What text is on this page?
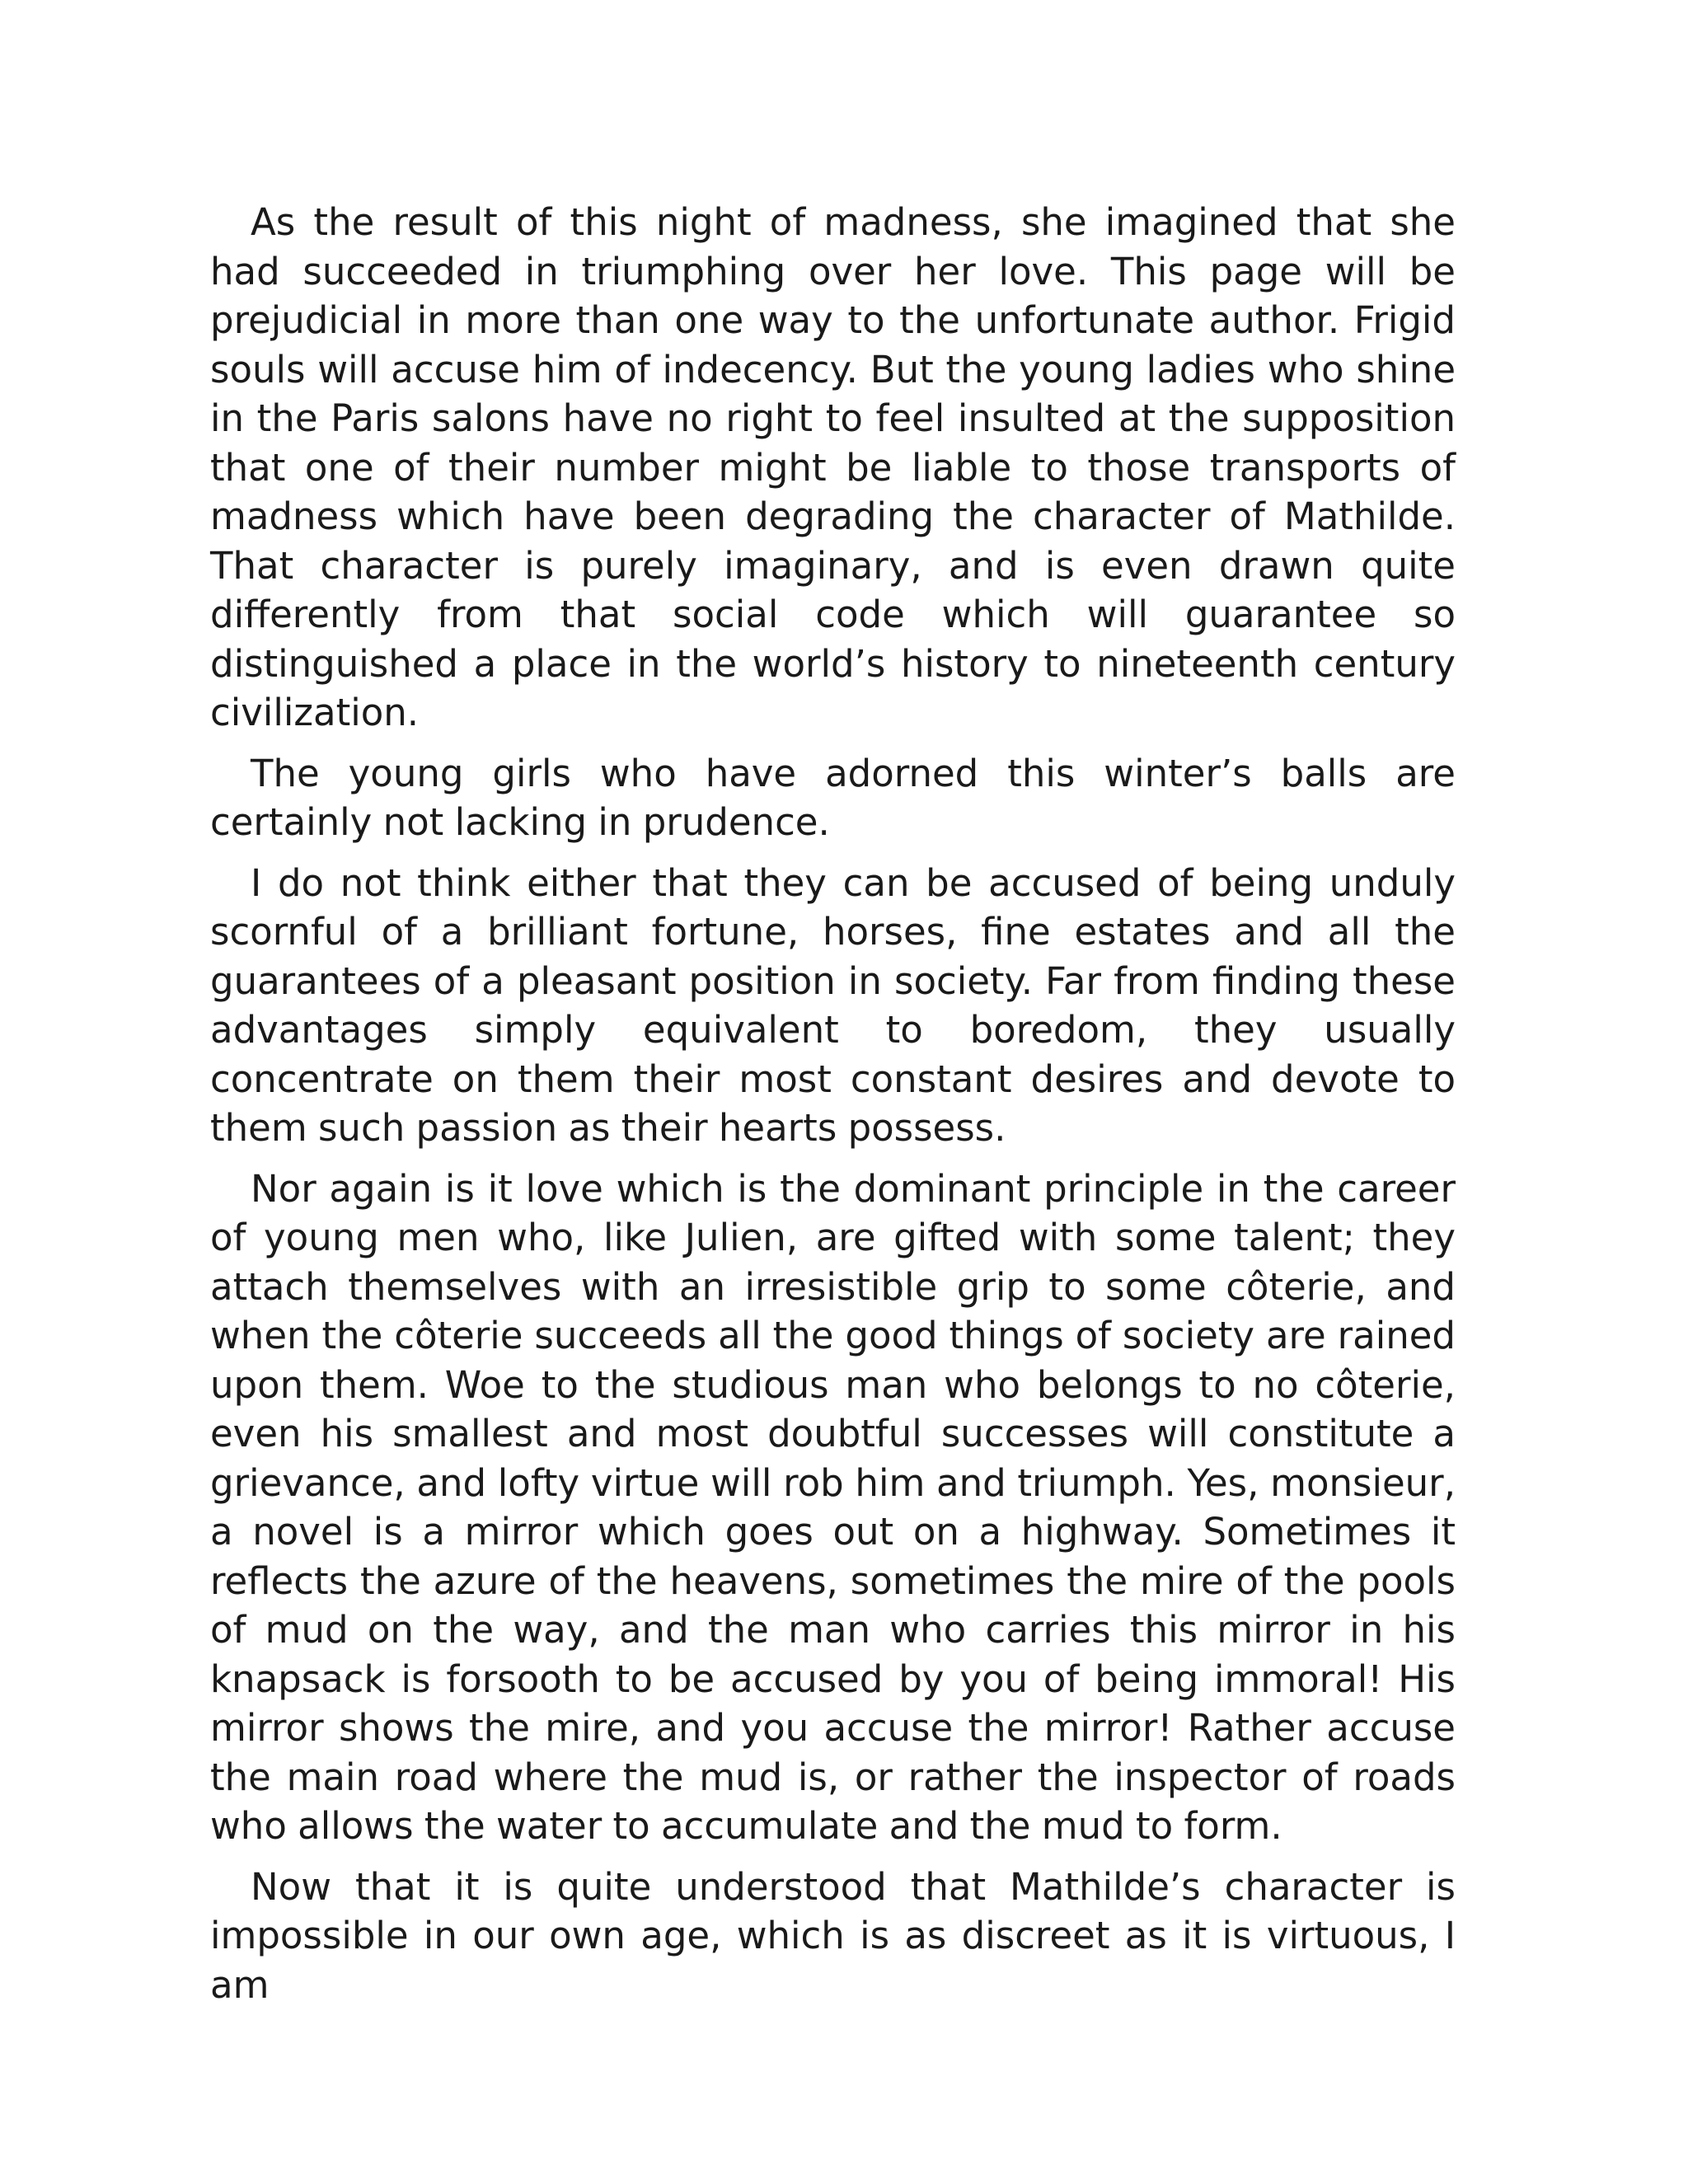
As the result of this night of madness, she imagined that she had succeeded in triumphing over her love. This page will be prejudicial in more than one way to the unfortunate author. Frigid souls will accuse him of indecency. But the young ladies who shine in the Paris salons have no right to feel insulted at the supposition that one of their number might be liable to those transports of madness which have been degrading the character of Mathilde. That character is purely imaginary, and is even drawn quite differently from that social code which will guarantee so distinguished a place in the world’s history to nineteenth century civilization.

The young girls who have adorned this winter’s balls are certainly not lacking in prudence.

I do not think either that they can be accused of being unduly scornful of a brilliant fortune, horses, fine estates and all the guarantees of a pleasant position in society. Far from finding these advantages simply equivalent to boredom, they usually concentrate on them their most constant desires and devote to them such passion as their hearts possess.

Nor again is it love which is the dominant principle in the career of young men who, like Julien, are gifted with some talent; they attach themselves with an irresistible grip to some côterie, and when the côterie succeeds all the good things of society are rained upon them. Woe to the studious man who belongs to no côterie, even his smallest and most doubtful successes will constitute a grievance, and lofty virtue will rob him and triumph. Yes, monsieur, a novel is a mirror which goes out on a highway. Sometimes it reflects the azure of the heavens, sometimes the mire of the pools of mud on the way, and the man who carries this mirror in his knapsack is forsooth to be accused by you of being immoral! His mirror shows the mire, and you accuse the mirror! Rather accuse the main road where the mud is, or rather the inspector of roads who allows the water to accumulate and the mud to form.

Now that it is quite understood that Mathilde’s character is impossible in our own age, which is as discreet as it is virtuous, I am
